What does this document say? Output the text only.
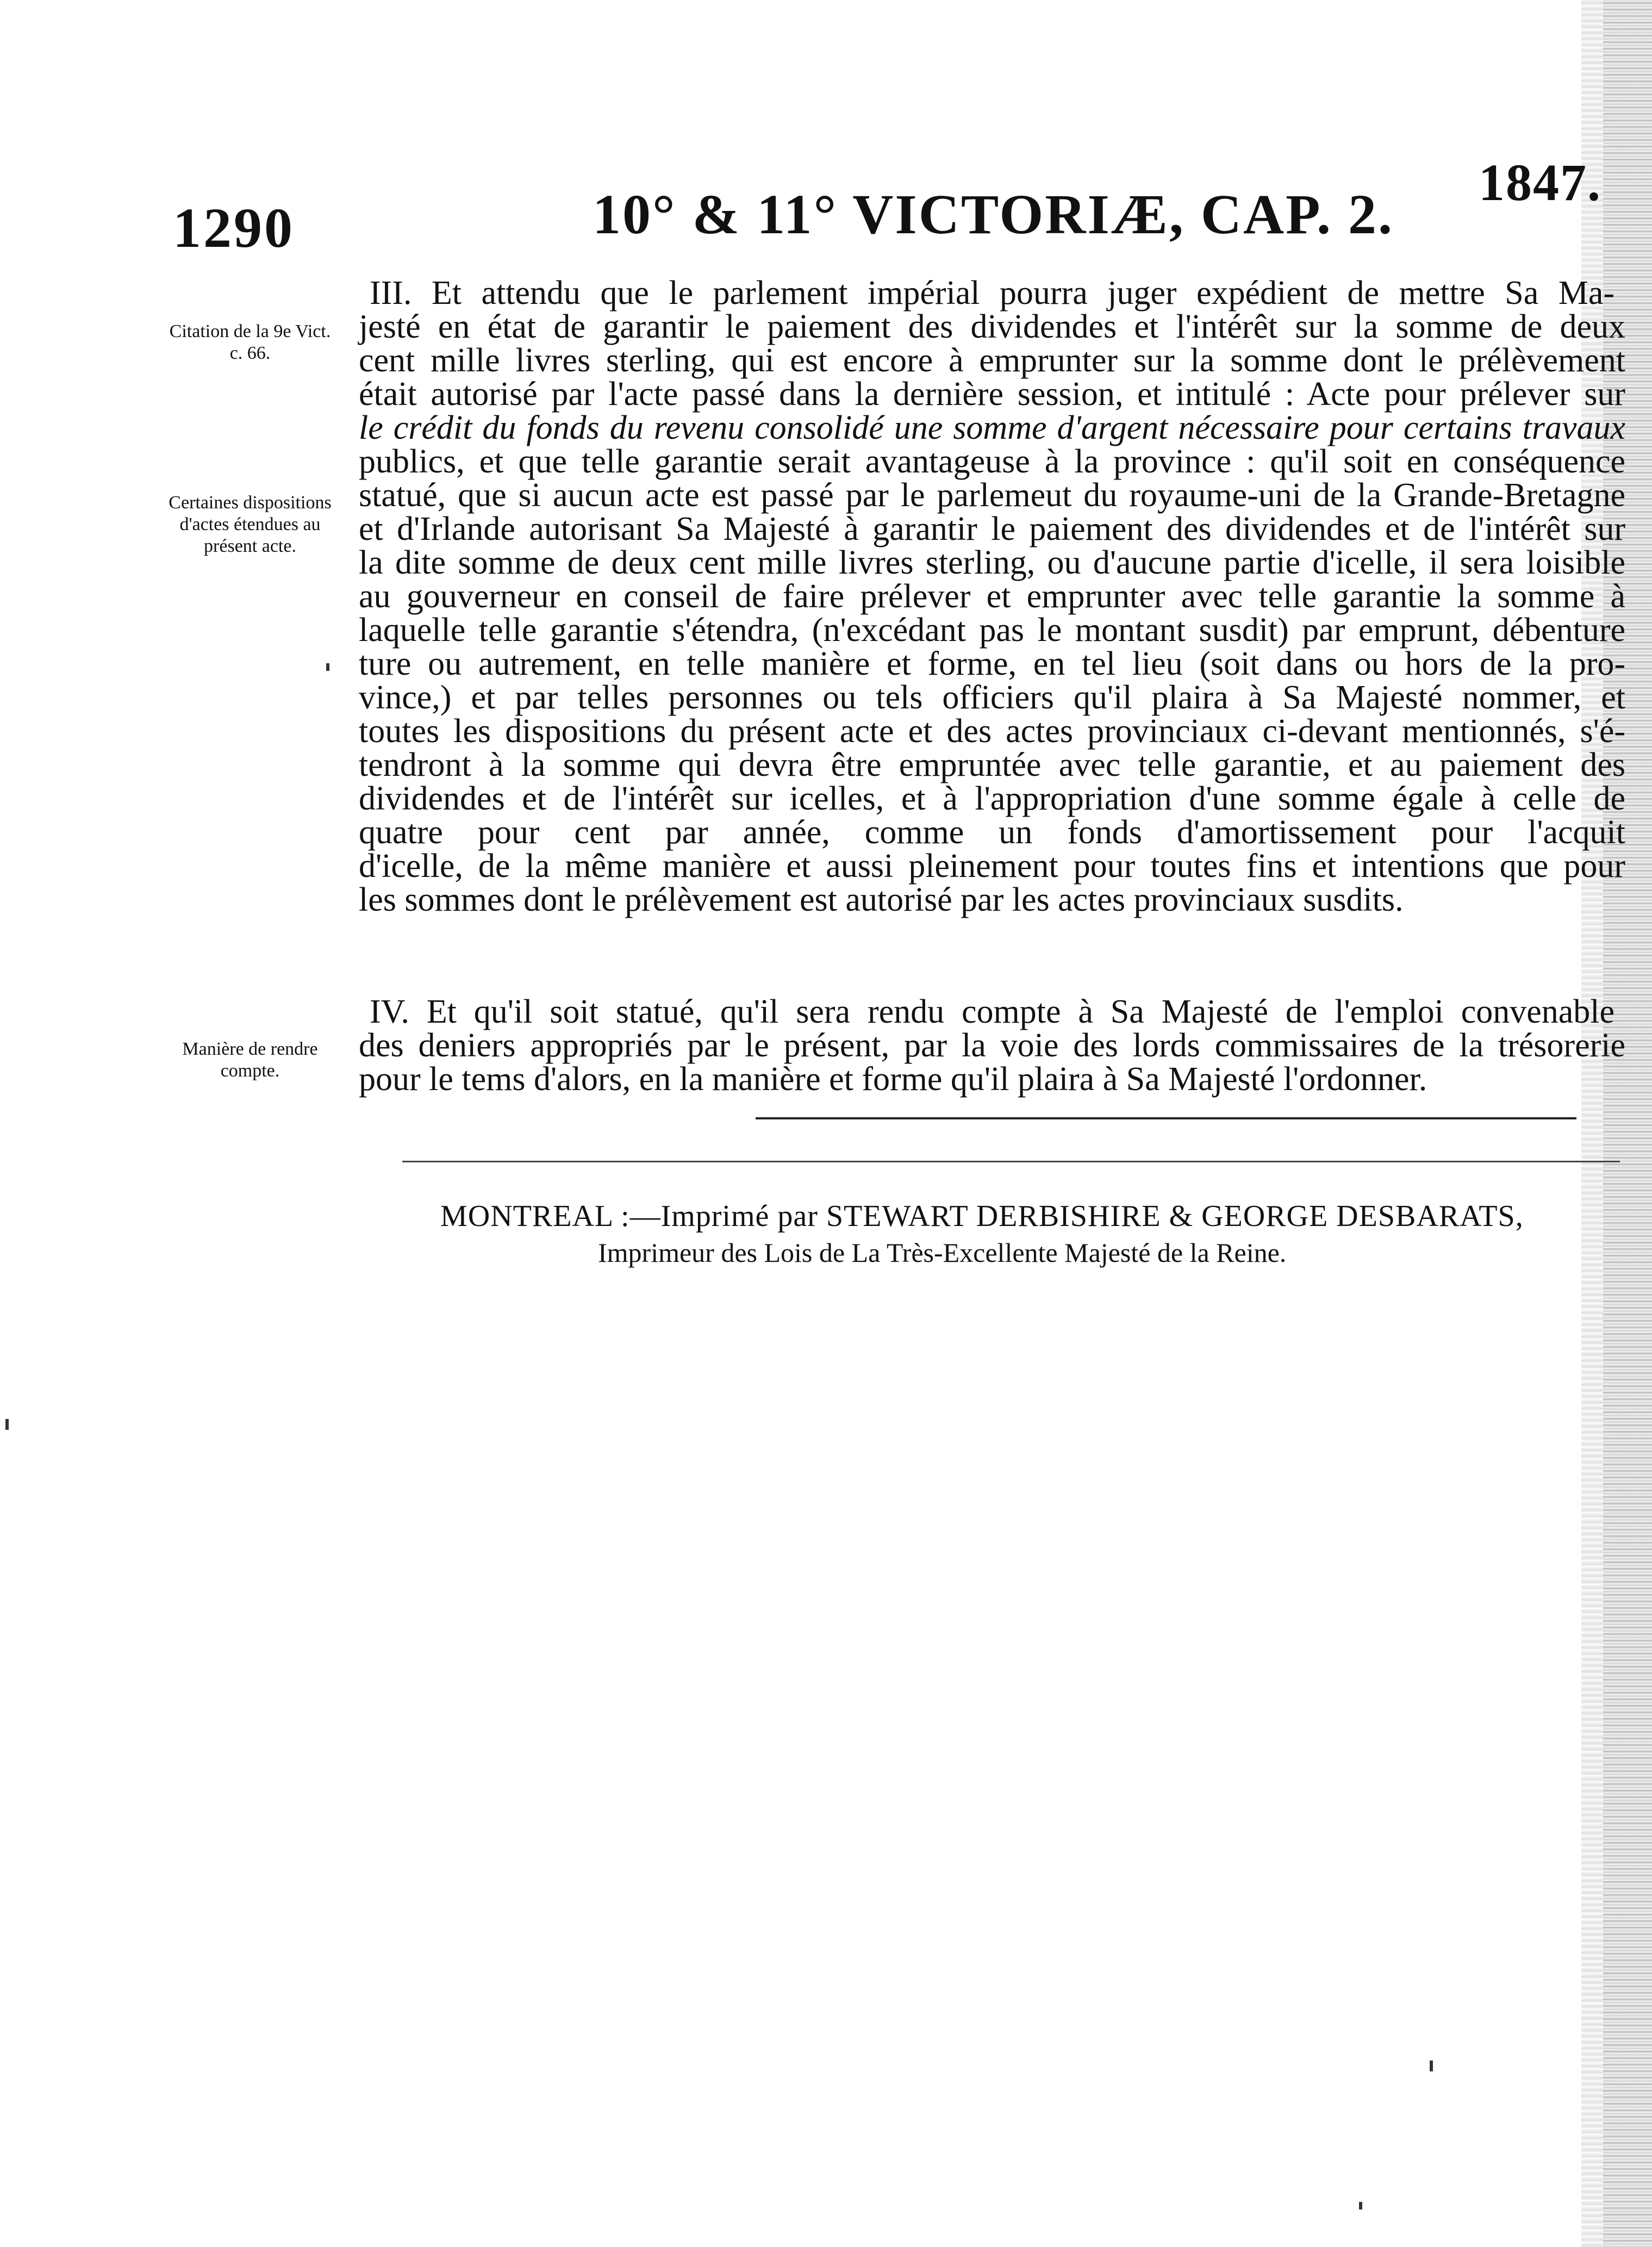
1290	10° & 11° VICTORIÆ, CAP. 2.
1847.
Citation de la 9e Vict. c. 66.
Certaines dispositions d'actes étendues au présent acte.
Manière de rendre compte.
III. Et attendu que le parlement impérial pourra juger expédient de mettre Sa Ma-
jesté en état de garantir le paiement des dividendes et l'intérêt sur la somme de deux
cent mille livres sterling, qui est encore à emprunter sur la somme dont le prélèvement
était autorisé par l'acte passé dans la dernière session, et intitulé : Acte pour prélever sur
le crédit du fonds du revenu consolidé une somme d'argent nécessaire pour certains travaux
publics, et que telle garantie serait avantageuse à la province : qu'il soit en conséquence
statué, que si aucun acte est passé par le parlemeut du royaume-uni de la Grande-Bretagne
et d'Irlande autorisant Sa Majesté à garantir le paiement des dividendes et de l'intérêt sur
la dite somme de deux cent mille livres sterling, ou d'aucune partie d'icelle, il sera loisible
au gouverneur en conseil de faire prélever et emprunter avec telle garantie la somme à
laquelle telle garantie s'étendra, (n'excédant pas le montant susdit) par emprunt, débenture
ture ou autrement, en telle manière et forme, en tel lieu (soit dans ou hors de la pro-
vince,) et par telles personnes ou tels officiers qu'il plaira à Sa Majesté nommer, et
toutes les dispositions du présent acte et des actes provinciaux ci-devant mentionnés, s'é-
tendront à la somme qui devra être empruntée avec telle garantie, et au paiement des
dividendes et de l'intérêt sur icelles, et à l'appropriation d'une somme égale à celle de
quatre pour cent par année, comme un fonds d'amortissement pour l'acquit
d'icelle, de la même manière et aussi pleinement pour toutes fins et intentions que pour
les sommes dont le prélèvement est autorisé par les actes provinciaux susdits.
IV. Et qu'il soit statué, qu'il sera rendu compte à Sa Majesté de l'emploi convenable
des deniers appropriés par le présent, par la voie des lords commissaires de la trésorerie
pour le tems d'alors, en la manière et forme qu'il plaira à Sa Majesté l'ordonner.
MONTREAL :—Imprimé par STEWART DERBISHIRE & GEORGE DESBARATS,
Imprimeur des Lois de La Très-Excellente Majesté de la Reine.
